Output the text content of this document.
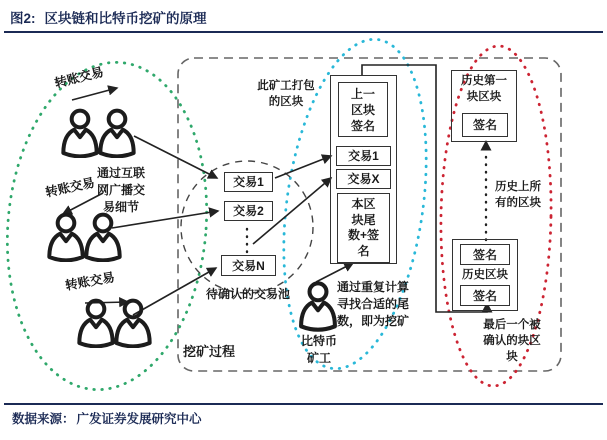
图2: 区块链和比特币挖矿的原理
转账交易
转账交易
转账交易
通过互联网广播交易细节
交易1
交易2
交易N
待确认的交易池
此矿工打包的区块
上一区块签名
交易1
交易X
本区块尾数+签名
比特币矿工
通过重复计算寻找合适的尾数，即为挖矿
挖矿过程
历史第一块区块
签名
历史上所有的区块
签名
历史区块
签名
最后一个被确认的块区块
数据来源： 广发证券发展研究中心
